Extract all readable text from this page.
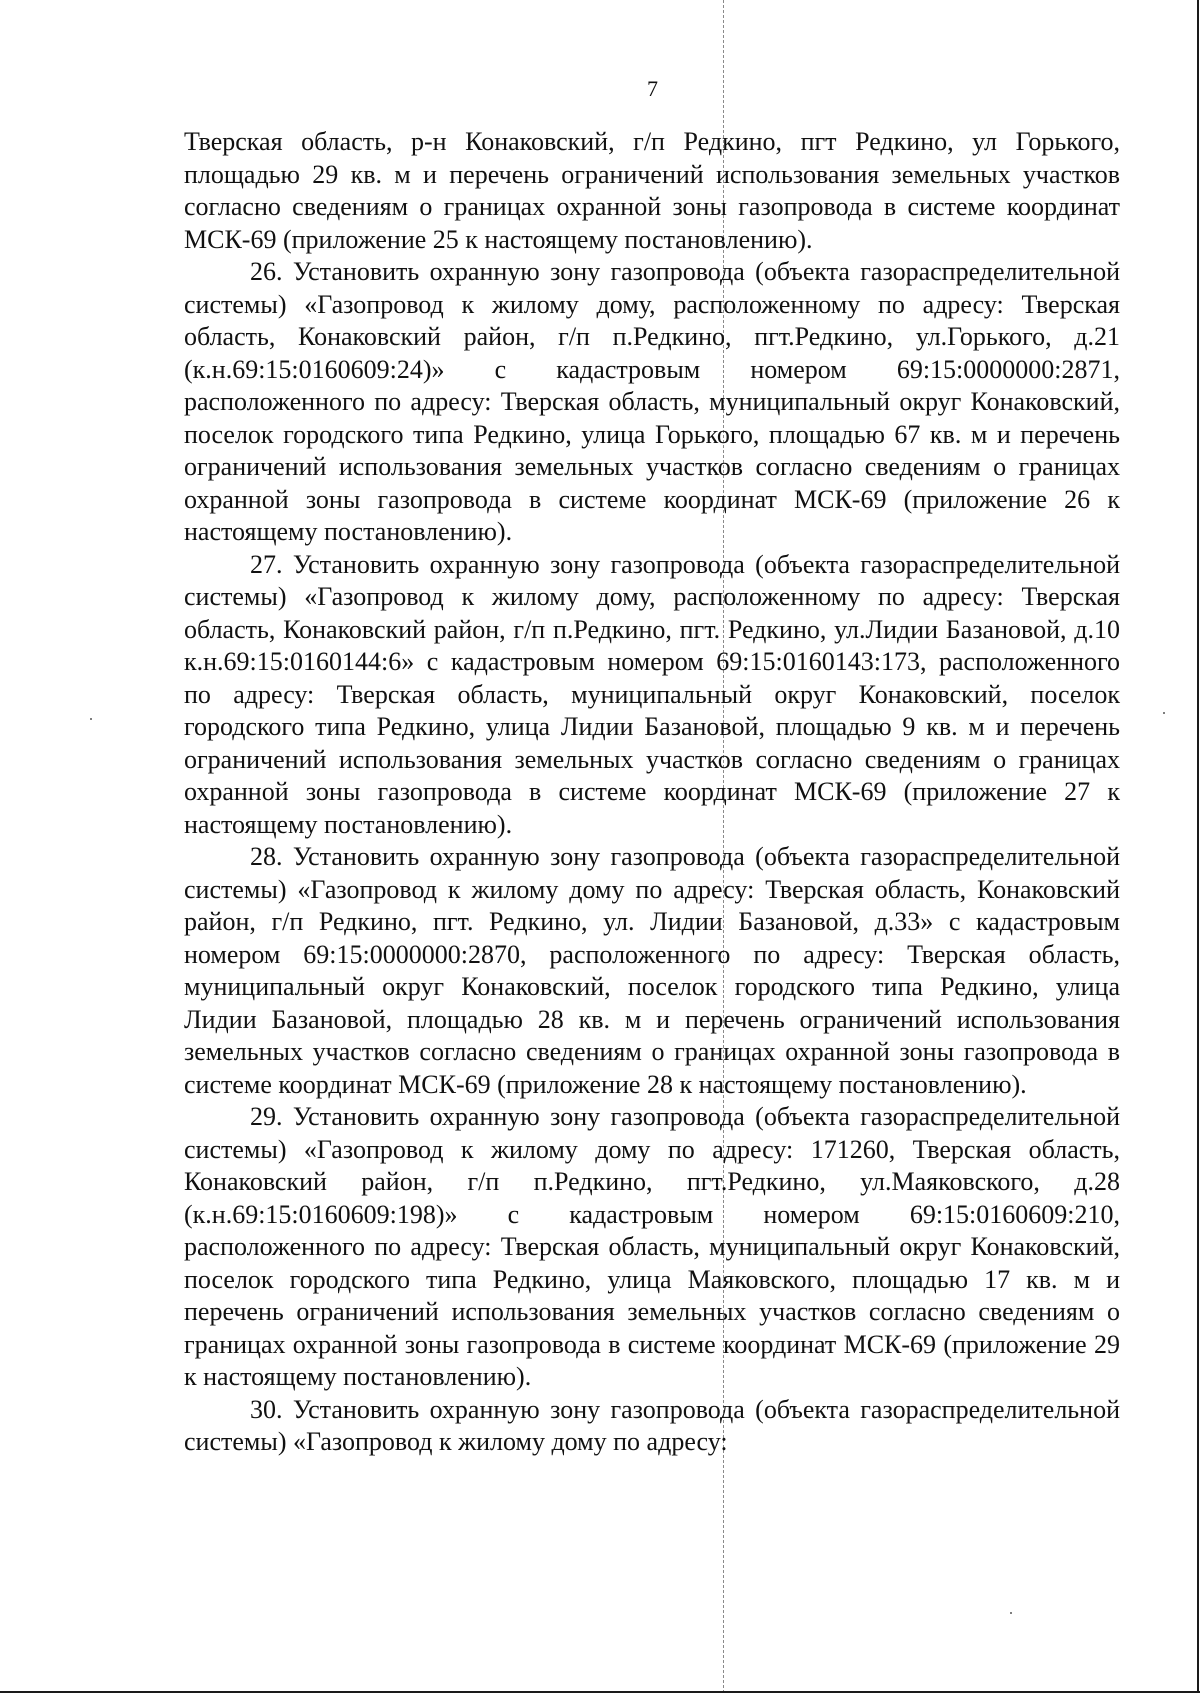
7

Тверская область, р-н Конаковский, г/п Редкино, пгт Редкино, ул Горького, площадью 29 кв. м и перечень ограничений использования земельных участков согласно сведениям о границах охранной зоны газопровода в системе координат МСК-69 (приложение 25 к настоящему постановлению).

26. Установить охранную зону газопровода (объекта газораспределительной системы) «Газопровод к жилому дому, расположенному по адресу: Тверская область, Конаковский район, г/п п.Редкино, пгт.Редкино, ул.Горького, д.21 (к.н.69:15:0160609:24)» с кадастровым номером 69:15:0000000:2871, расположенного по адресу: Тверская область, муниципальный округ Конаковский, поселок городского типа Редкино, улица Горького, площадью 67 кв. м и перечень ограничений использования земельных участков согласно сведениям о границах охранной зоны газопровода в системе координат МСК-69 (приложение 26 к настоящему постановлению).

27. Установить охранную зону газопровода (объекта газораспределительной системы) «Газопровод к жилому дому, расположенному по адресу: Тверская область, Конаковский район, г/п п.Редкино, пгт. Редкино, ул.Лидии Базановой, д.10 к.н.69:15:0160144:6» с кадастровым номером 69:15:0160143:173, расположенного по адресу: Тверская область, муниципальный округ Конаковский, поселок городского типа Редкино, улица Лидии Базановой, площадью 9 кв. м и перечень ограничений использования земельных участков согласно сведениям о границах охранной зоны газопровода в системе координат МСК-69 (приложение 27 к настоящему постановлению).

28. Установить охранную зону газопровода (объекта газораспределительной системы) «Газопровод к жилому дому по адресу: Тверская область, Конаковский район, г/п Редкино, пгт. Редкино, ул. Лидии Базановой, д.33» с кадастровым номером 69:15:0000000:2870, расположенного по адресу: Тверская область, муниципальный округ Конаковский, поселок городского типа Редкино, улица Лидии Базановой, площадью 28 кв. м и перечень ограничений использования земельных участков согласно сведениям о границах охранной зоны газопровода в системе координат МСК-69 (приложение 28 к настоящему постановлению).

29. Установить охранную зону газопровода (объекта газораспределительной системы) «Газопровод к жилому дому по адресу: 171260, Тверская область, Конаковский район, г/п п.Редкино, пгт.Редкино, ул.Маяковского, д.28 (к.н.69:15:0160609:198)» с кадастровым номером 69:15:0160609:210, расположенного по адресу: Тверская область, муниципальный округ Конаковский, поселок городского типа Редкино, улица Маяковского, площадью 17 кв. м и перечень ограничений использования земельных участков согласно сведениям о границах охранной зоны газопровода в системе координат МСК-69 (приложение 29 к настоящему постановлению).

30. Установить охранную зону газопровода (объекта газораспределительной системы) «Газопровод к жилому дому по адресу:
